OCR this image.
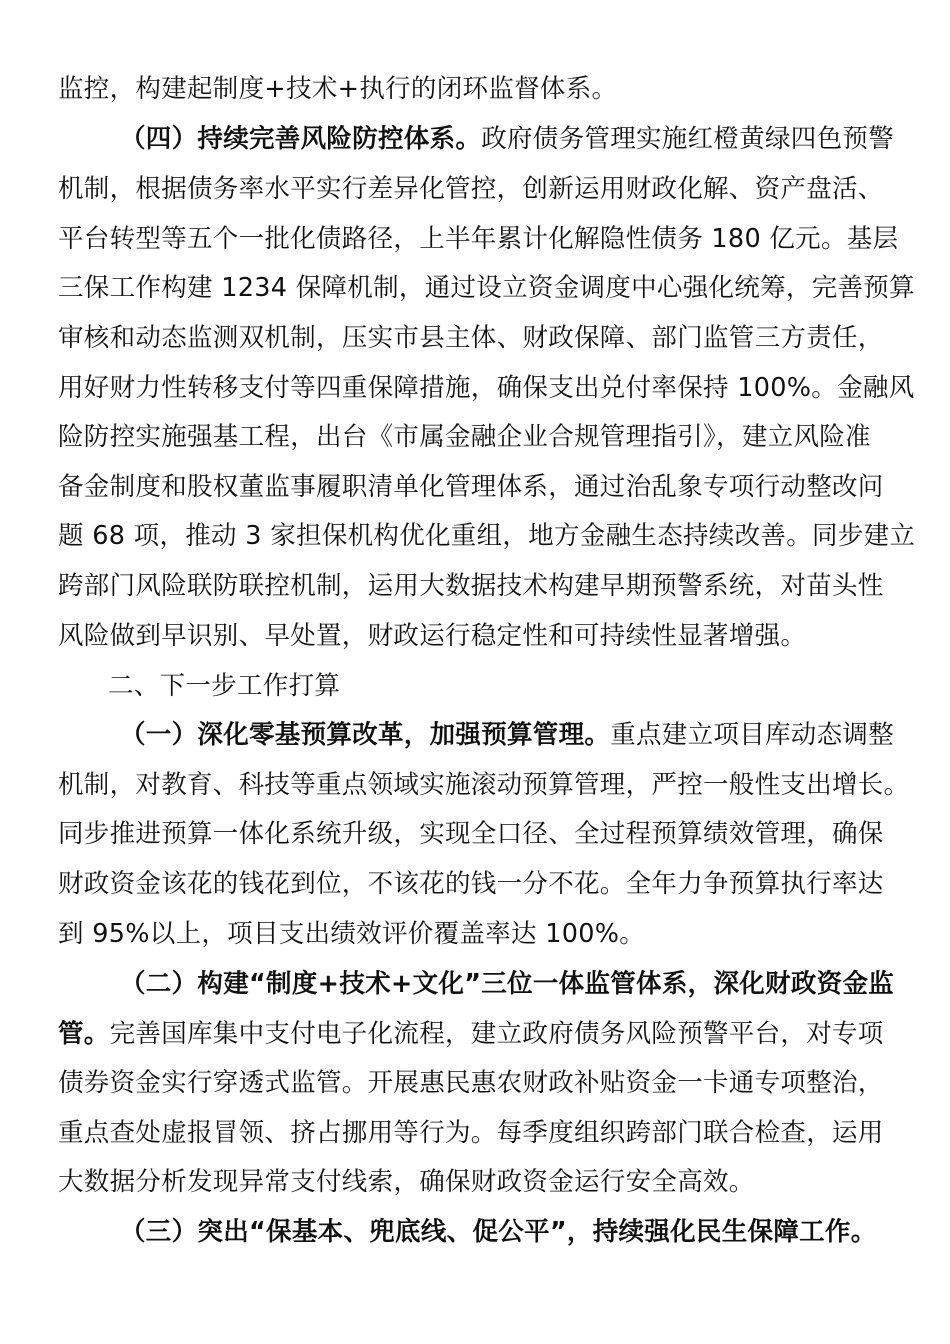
监控，构建起制度+技术+执行的闭环监督体系。
（四）持续完善风险防控体系。政府债务管理实施红橙黄绿四色预警
机制，根据债务率水平实行差异化管控，创新运用财政化解、资产盘活、
平台转型等五个一批化债路径，上半年累计化解隐性债务 180 亿元。基层
三保工作构建 1234 保障机制，通过设立资金调度中心强化统筹，完善预算
审核和动态监测双机制，压实市县主体、财政保障、部门监管三方责任，
用好财力性转移支付等四重保障措施，确保支出兑付率保持 100%。金融风
险防控实施强基工程，出台《市属金融企业合规管理指引》，建立风险准
备金制度和股权董监事履职清单化管理体系，通过治乱象专项行动整改问
题 68 项，推动 3 家担保机构优化重组，地方金融生态持续改善。同步建立
跨部门风险联防联控机制，运用大数据技术构建早期预警系统，对苗头性
风险做到早识别、早处置，财政运行稳定性和可持续性显著增强。
二、下一步工作打算
（一）深化零基预算改革，加强预算管理。重点建立项目库动态调整
机制，对教育、科技等重点领域实施滚动预算管理，严控一般性支出增长。
同步推进预算一体化系统升级，实现全口径、全过程预算绩效管理，确保
财政资金该花的钱花到位，不该花的钱一分不花。全年力争预算执行率达
到 95%以上，项目支出绩效评价覆盖率达 100%。
（二）构建“制度+技术+文化”三位一体监管体系，深化财政资金监
管。完善国库集中支付电子化流程，建立政府债务风险预警平台，对专项
债券资金实行穿透式监管。开展惠民惠农财政补贴资金一卡通专项整治，
重点查处虚报冒领、挤占挪用等行为。每季度组织跨部门联合检查，运用
大数据分析发现异常支付线索，确保财政资金运行安全高效。
（三）突出“保基本、兜底线、促公平”，持续强化民生保障工作。
